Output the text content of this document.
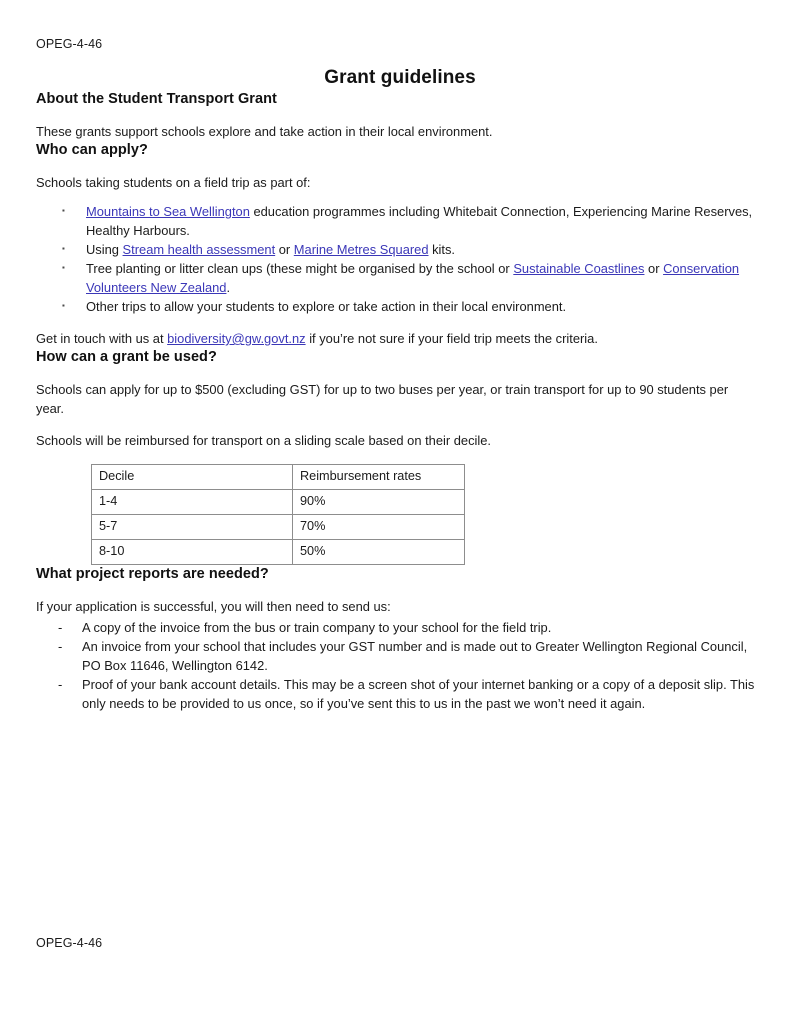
OPEG-4-46
Grant guidelines
About the Student Transport Grant

These grants support schools explore and take action in their local environment.

Who can apply?

Schools taking students on a field trip as part of:

▪ Mountains to Sea Wellington education programmes including Whitebait Connection, Experiencing Marine Reserves, Healthy Harbours.
▪ Using Stream health assessment or Marine Metres Squared kits.
▪ Tree planting or litter clean ups (these might be organised by the school or Sustainable Coastlines or Conservation Volunteers New Zealand.
▪ Other trips to allow your students to explore or take action in their local environment.

Get in touch with us at biodiversity@gw.govt.nz if you’re not sure if your field trip meets the criteria.

How can a grant be used?

Schools can apply for up to $500 (excluding GST) for up to two buses per year, or train transport for up to 90 students per year.

Schools will be reimbursed for transport on a sliding scale based on their decile.

Decile	Reimbursement rates
1-4	90%
5-7	70%
8-10	50%
What project reports are needed?

If your application is successful, you will then need to send us:

- A copy of the invoice from the bus or train company to your school for the field trip.
- An invoice from your school that includes your GST number and is made out to Greater Wellington Regional Council, PO Box 11646, Wellington 6142.
- Proof of your bank account details. This may be a screen shot of your internet banking or a copy of a deposit slip. This only needs to be provided to us once, so if you’ve sent this to us in the past we won’t need it again.
OPEG-4-46
